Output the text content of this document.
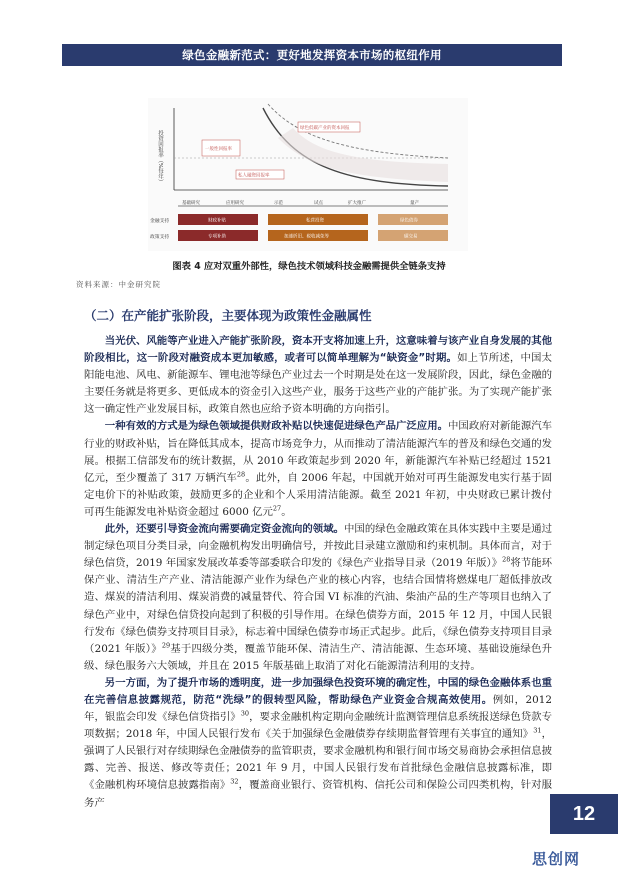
绿色金融新范式：更好地发挥资本市场的枢纽作用
投资回报率（%每年）
绿色低碳产业的资本回报
一般性回报率
私人融资回报率
基础研究	应用研究	示范	试点	扩大推广	量产
金融支持
政策支持
财政补贴	私营投资	绿色债券
专项补助	加速折旧、税收减免等	碳交易
图表 4 应对双重外部性，绿色技术领域科技金融需提供全链条支持
资料来源：中金研究院
（二）在产能扩张阶段，主要体现为政策性金融属性

当光伏、风能等产业进入产能扩张阶段，资本开支将加速上升，这意味着与该产业自身发展的其他阶段相比，这一阶段对融资成本更加敏感，或者可以简单理解为“缺资金”时期。如上节所述，中国太阳能电池、风电、新能源车、锂电池等绿色产业过去一个时期是处在这一发展阶段，因此，绿色金融的主要任务就是将更多、更低成本的资金引入这些产业，服务于这些产业的产能扩张。为了实现产能扩张这一确定性产业发展目标，政策自然也应给予资本明确的方向指引。

一种有效的方式是为绿色领域提供财政补贴以快速促进绿色产品广泛应用。中国政府对新能源汽车行业的财政补贴，旨在降低其成本，提高市场竞争力，从而推动了清洁能源汽车的普及和绿色交通的发展。根据工信部发布的统计数据，从 2010 年政策起步到 2020 年，新能源汽车补贴已经超过 1521 亿元，至少覆盖了 317 万辆汽车$^{28}$。此外，自 2006 年起，中国就开始对可再生能源发电实行基于固定电价下的补贴政策，鼓励更多的企业和个人采用清洁能源。截至 2021 年初，中央财政已累计拨付可再生能源发电补贴资金超过 6000 亿元$^{27}$。

此外，还要引导资金流向需要确定资金流向的领域。中国的绿色金融政策在具体实践中主要是通过制定绿色项目分类目录，向金融机构发出明确信号，并按此目录建立激励和约束机制。具体而言，对于绿色信贷，2019 年国家发展改革委等部委联合印发的《绿色产业指导目录（2019 年版）》$^{28}$将节能环保产业、清洁生产产业、清洁能源产业作为绿色产业的核心内容，也结合国情将燃煤电厂超低排放改造、煤炭的清洁利用、煤炭消费的减量替代、符合国 VI 标准的汽油、柴油产品的生产等项目也纳入了绿色产业中，对绿色信贷投向起到了积极的引导作用。在绿色债券方面，2015 年 12 月，中国人民银行发布《绿色债券支持项目目录》，标志着中国绿色债券市场正式起步。此后，《绿色债券支持项目目录（2021 年版）》$^{29}$基于四级分类，覆盖节能环保、清洁生产、清洁能源、生态环境、基础设施绿色升级、绿色服务六大领域，并且在 2015 年版基础上取消了对化石能源清洁利用的支持。

另一方面，为了提升市场的透明度，进一步加强绿色投资环境的确定性，中国的绿色金融体系也重在完善信息披露规范，防范“洗绿”的假转型风险，帮助绿色产业资金合规高效使用。例如，2012 年，银监会印发《绿色信贷指引》$^{30}$，要求金融机构定期向金融统计监测管理信息系统报送绿色贷款专项数据；2018 年，中国人民银行发布《关于加强绿色金融债券存续期监督管理有关事宜的通知》$^{31}$，强调了人民银行对存续期绿色金融债券的监管职责，要求金融机构和银行间市场交易商协会承担信息披露、完善、报送、修改等责任；2021 年 9 月，中国人民银行发布首批绿色金融信息披露标准，即《金融机构环境信息披露指南》$^{32}$，覆盖商业银行、资管机构、信托公司和保险公司四类机构，针对服务产	12
思创网
